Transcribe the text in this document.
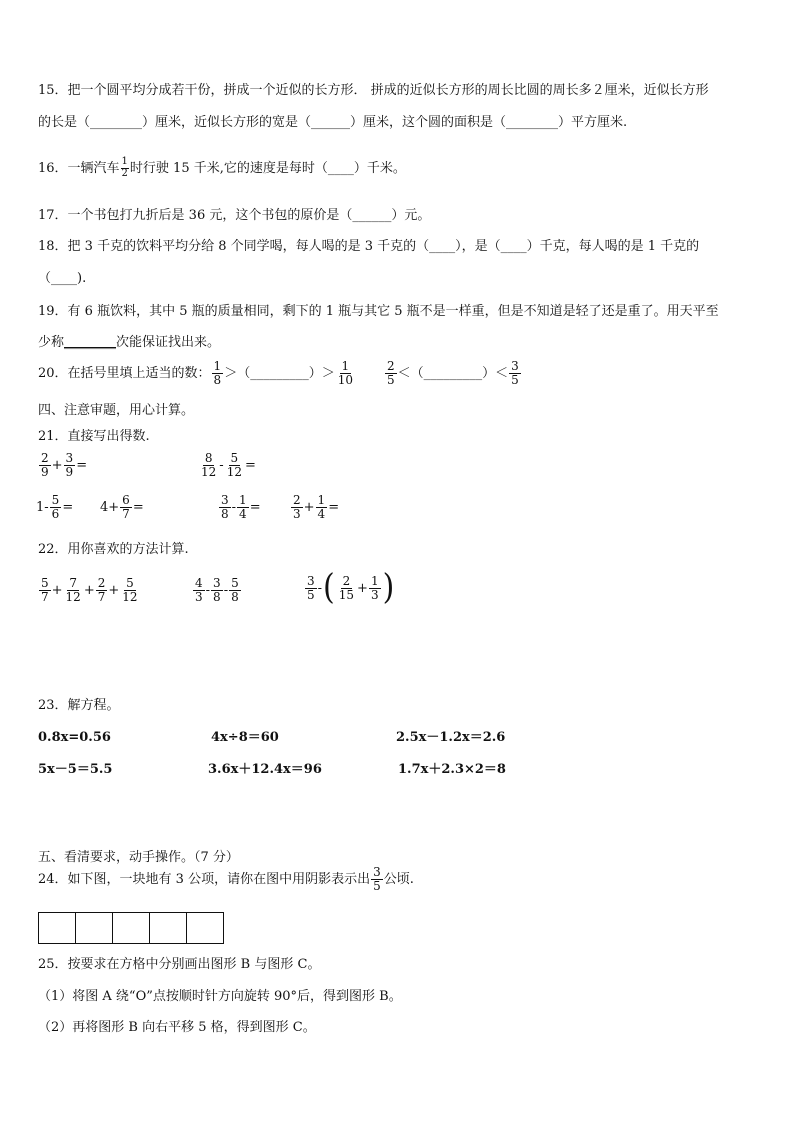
15．把一个圆平均分成若干份，拼成一个近似的长方形． 拼成的近似长方形的周长比圆的周长多２厘米，近似长方形
的长是（________）厘米，近似长方形的宽是（______）厘米，这个圆的面积是（________）平方厘米.
16．一辆汽车 $\frac{1}{2}$ 时行驶 15 千米,它的速度是每时（____）千米。
17．一个书包打九折后是 36 元，这个书包的原价是（______）元。
18．把 3 千克的饮料平均分给 8 个同学喝，每人喝的是 3 千克的（____），是（____）千克，每人喝的是 1 千克的
（____).
19．有 6 瓶饮料，其中 5 瓶的质量相同，剩下的 1 瓶与其它 5 瓶不是一样重，但是不知道是轻了还是重了。用天平至
少称________次能保证找出来。
20．在括号里填上适当的数： $\frac{1}{8}$ ＞（_________）＞ $\frac{1}{10}$	$\frac{2}{5}$ ＜（_________）＜ $\frac{3}{5}$
四、注意审题，用心计算。
21．直接写出得数.
$\frac{2}{9} + \frac{3}{9}$ =	$\frac{8}{12} - \frac{5}{12}$ =
$1- \frac{5}{6} = 4+ \frac{6}{7}$ =	$\frac{3}{8} - \frac{1}{4}$ =	$\frac{2}{3} + \frac{1}{4}$ =
22．用你喜欢的方法计算.
$\frac{5}{7} + \frac{7}{12} + \frac{2}{7} + \frac{5}{12}$	$\frac{4}{3} - \frac{3}{8} - \frac{5}{8}$	$\frac{3}{5}$ - ( $\frac{2}{15} + \frac{1}{3}$ )
23．解方程。
0.8x=0.56	4x÷8＝60	2.5x－1.2x＝2.6
5x－5＝5.5	3.6x＋12.4x＝96	1.7x＋2.3×2＝8
五、看清要求，动手操作。（7 分）
24．如下图，一块地有 3 公项，请你在图中用阴影表示出 $\frac{3}{5}$ 公顷.
25．按要求在方格中分别画出图形 B 与图形 C。
（1）将图 A 绕“O”点按顺时针方向旋转 90°后，得到图形 B。
（2）再将图形 B 向右平移 5 格，得到图形 C。
